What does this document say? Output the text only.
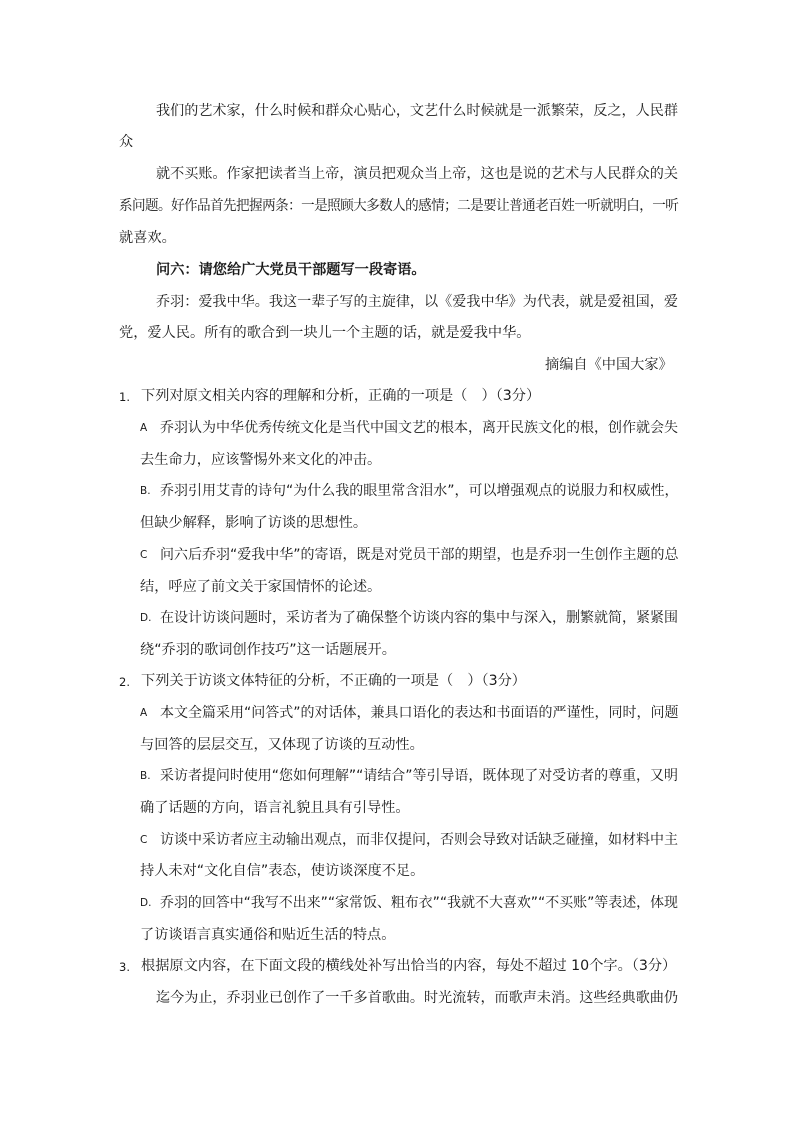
我们的艺术家，什么时候和群众心贴心，文艺什么时候就是一派繁荣，反之，人民群
众
就不买账。作家把读者当上帝，演员把观众当上帝，这也是说的艺术与人民群众的关
系问题。好作品首先把握两条：一是照顾大多数人的感情；二是要让普通老百姓一听就明白，一听
就喜欢。
问六：请您给广大党员干部题写一段寄语。
乔羽：爱我中华。我这一辈子写的主旋律，以《爱我中华》为代表，就是爱祖国，爱
党，爱人民。所有的歌合到一块儿一个主题的话，就是爱我中华。
摘编自《中国大家》
1. 下列对原文相关内容的理解和分析，正确的一项是（　）（3分）
A 乔羽认为中华优秀传统文化是当代中国文艺的根本，离开民族文化的根，创作就会失
去生命力，应该警惕外来文化的冲击。
B. 乔羽引用艾青的诗句“为什么我的眼里常含泪水”，可以增强观点的说服力和权威性，
但缺少解释，影响了访谈的思想性。
C 问六后乔羽“爱我中华”的寄语，既是对党员干部的期望，也是乔羽一生创作主题的总
结，呼应了前文关于家国情怀的论述。
D. 在设计访谈问题时，采访者为了确保整个访谈内容的集中与深入，删繁就简，紧紧围
绕“乔羽的歌词创作技巧”这一话题展开。
2. 下列关于访谈文体特征的分析，不正确的一项是（　）（3分）
A 本文全篇采用“问答式”的对话体，兼具口语化的表达和书面语的严谨性，同时，问题
与回答的层层交互，又体现了访谈的互动性。
B. 采访者提问时使用“您如何理解”“请结合”等引导语，既体现了对受访者的尊重，又明
确了话题的方向，语言礼貌且具有引导性。
C 访谈中采访者应主动输出观点，而非仅提问，否则会导致对话缺乏碰撞，如材料中主
持人未对“文化自信”表态，使访谈深度不足。
D. 乔羽的回答中“我写不出来”“家常饭、粗布衣”“我就不大喜欢”“不买账”等表述，体现
了访谈语言真实通俗和贴近生活的特点。
3. 根据原文内容，在下面文段的横线处补写出恰当的内容，每处不超过 10个字。（3分）
迄今为止，乔羽业已创作了一千多首歌曲。时光流转，而歌声未消。这些经典歌曲仍
